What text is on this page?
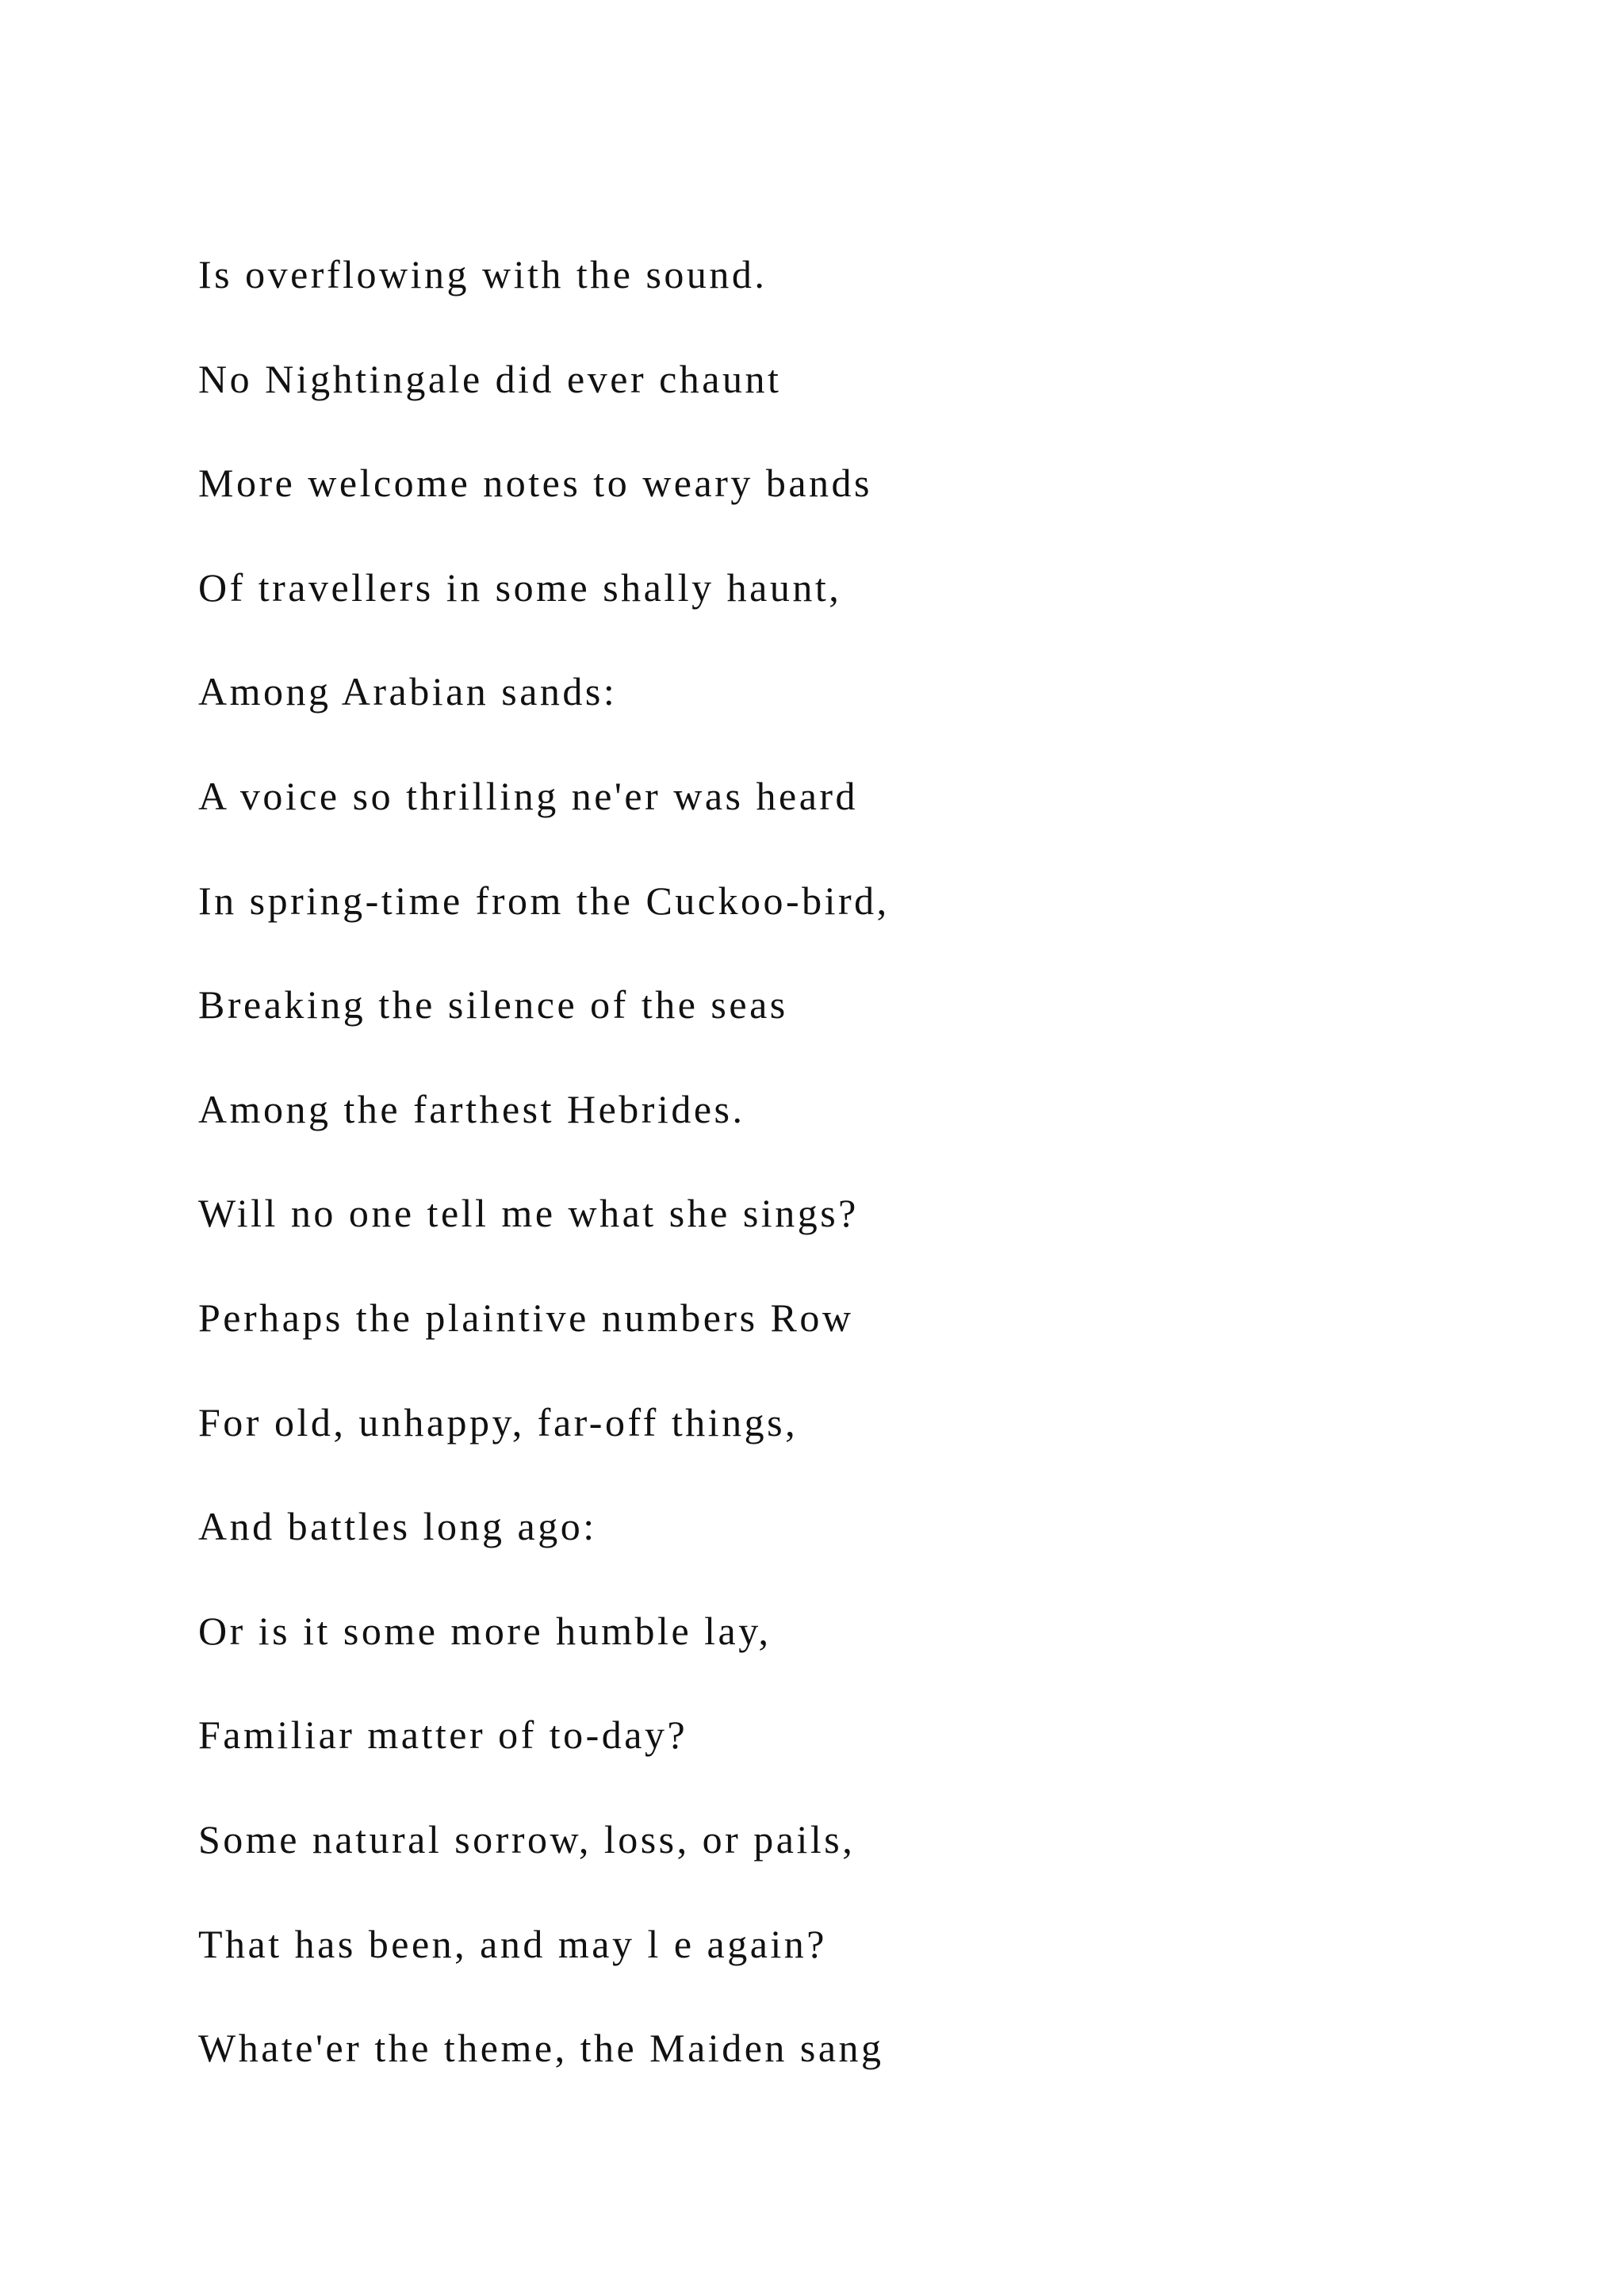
Is overflowing with the sound.
No Nightingale did ever chaunt
More welcome notes to weary bands
Of travellers in some shally haunt,
Among Arabian sands:
A voice so thrilling ne'er was heard
In spring-time from the Cuckoo-bird,
Breaking the silence of the seas
Among the farthest Hebrides.
Will no one tell me what she sings?
Perhaps the plaintive numbers Row
For old, unhappy, far-off things,
And battles long ago:
Or is it some more humble lay,
Familiar matter of to-day?
Some natural sorrow, loss, or pails,
That has been, and may l e again?
Whate'er the theme, the Maiden sang
